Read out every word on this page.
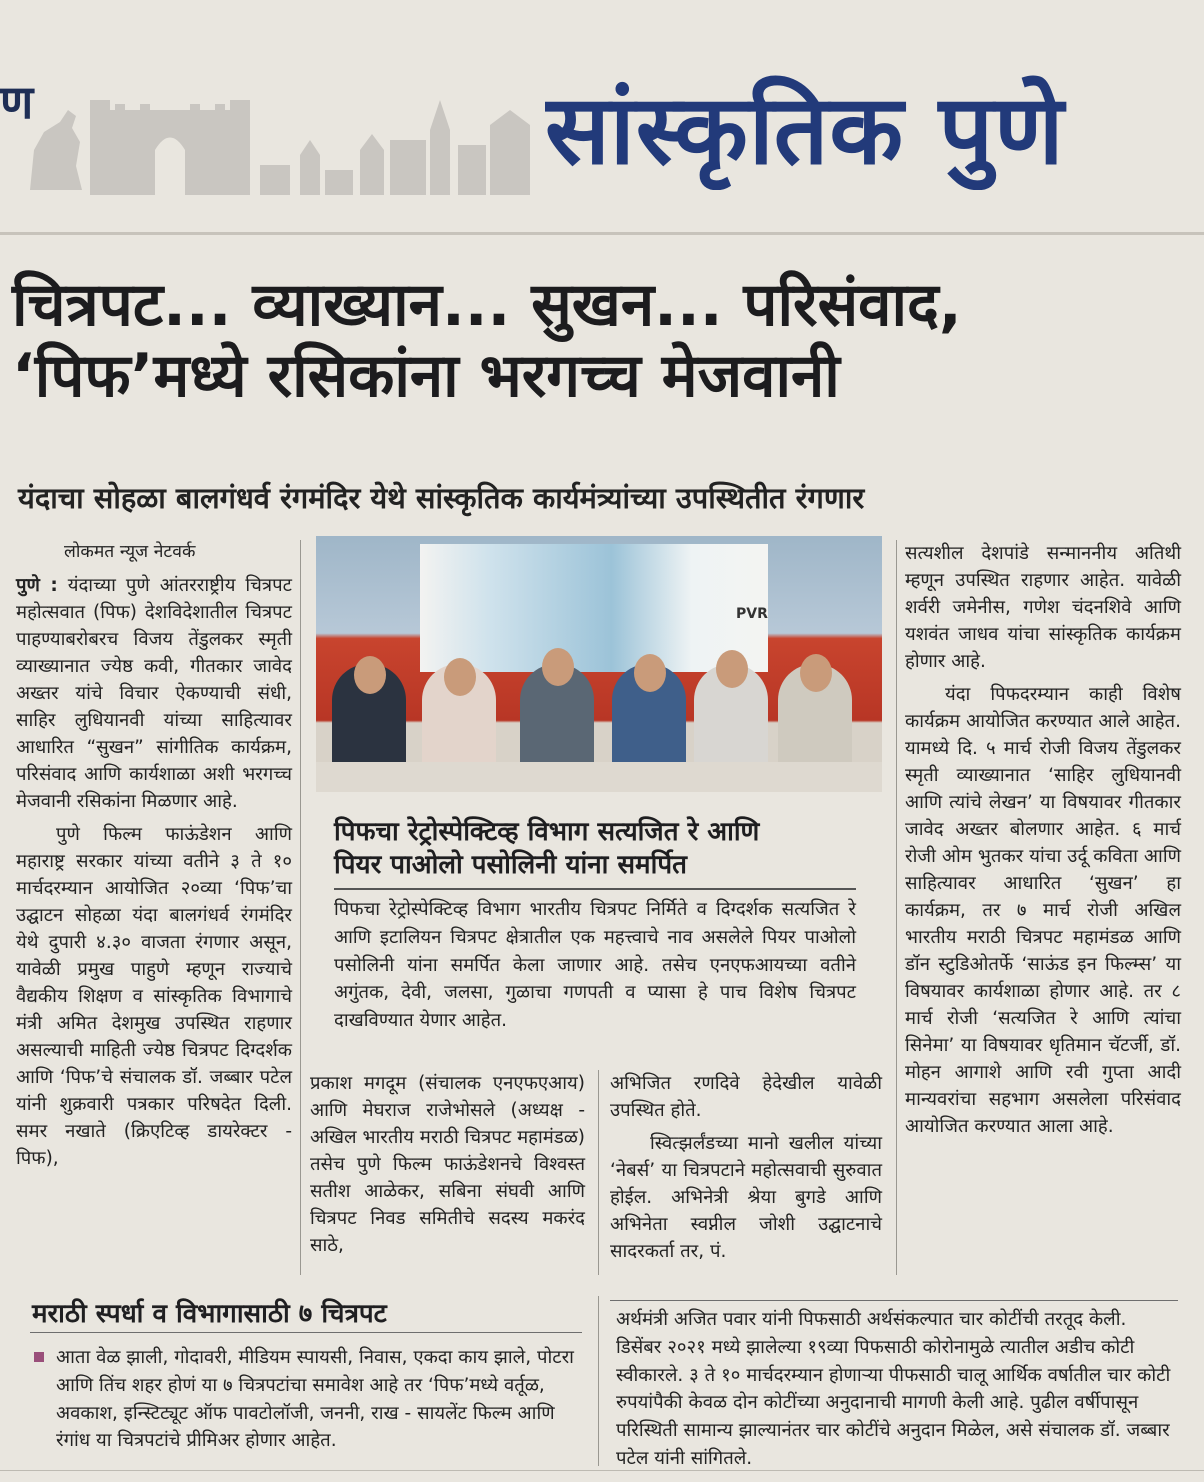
ण	सांस्कृतिक पुणे
चित्रपट... व्याख्यान... सुखन... परिसंवाद,
‘पिफ’मध्ये रसिकांना भरगच्च मेजवानी
यंदाचा सोहळा बालगंधर्व रंगमंदिर येथे सांस्कृतिक कार्यमंत्र्यांच्या उपस्थितीत रंगणार

लोकमत न्यूज नेटवर्क

पुणे : यंदाच्या पुणे आंतरराष्ट्रीय चित्रपट महोत्सवात (पिफ) देशविदेशातील चित्रपट पाहण्याबरोबरच विजय तेंडुलकर स्मृती व्याख्यानात ज्येष्ठ कवी, गीतकार जावेद अख्तर यांचे विचार ऐकण्याची संधी, साहिर लुधियानवी यांच्या साहित्यावर आधारित “सुखन” सांगीतिक कार्यक्रम, परिसंवाद आणि कार्यशाळा अशी भरगच्च मेजवानी रसिकांना मिळणार आहे.

पुणे फिल्म फाऊंडेशन आणि महाराष्ट्र सरकार यांच्या वतीने ३ ते १० मार्चदरम्यान आयोजित २०व्या ‘पिफ’चा उद्घाटन सोहळा यंदा बालगंधर्व रंगमंदिर येथे दुपारी ४.३० वाजता रंगणार असून, यावेळी प्रमुख पाहुणे म्हणून राज्याचे वैद्यकीय शिक्षण व सांस्कृतिक विभागाचे मंत्री अमित देशमुख उपस्थित राहणार असल्याची माहिती ज्येष्ठ चित्रपट दिग्दर्शक आणि ‘पिफ’चे संचालक डॉ. जब्बार पटेल यांनी शुक्रवारी पत्रकार परिषदेत दिली. समर नखाते (क्रिएटिव्ह डायरेक्टर - पिफ),

PVR
पिफचा रेट्रोस्पेक्टिव्ह विभाग सत्यजित रे आणि
पियर पाओलो पसोलिनी यांना समर्पित
पिफचा रेट्रोस्पेक्टिव्ह विभाग भारतीय चित्रपट निर्मिते व दिग्दर्शक सत्यजित रे आणि इटालियन चित्रपट क्षेत्रातील एक महत्त्वाचे नाव असलेले पियर पाओलो पसोलिनी यांना समर्पित केला जाणार आहे. तसेच एनएफआयच्या वतीने अगुंतक, देवी, जलसा, गुळाचा गणपती व प्यासा हे पाच विशेष चित्रपट दाखविण्यात येणार आहेत.

प्रकाश मगदूम (संचालक एनएफएआय) आणि मेघराज राजेभोसले (अध्यक्ष - अखिल भारतीय मराठी चित्रपट महामंडळ) तसेच पुणे फिल्म फाऊंडेशनचे विश्वस्त सतीश आळेकर, सबिना संघवी आणि चित्रपट निवड समितीचे सदस्य मकरंद साठे,

अभिजित रणदिवे हेदेखील यावेळी उपस्थित होते.

स्वित्झर्लंडच्या मानो खलील यांच्या ‘नेबर्स’ या चित्रपटाने महोत्सवाची सुरुवात होईल. अभिनेत्री श्रेया बुगडे आणि अभिनेता स्वप्नील जोशी उद्घाटनाचे सादरकर्ता तर, पं.

सत्यशील देशपांडे सन्माननीय अतिथी म्हणून उपस्थित राहणार आहेत. यावेळी शर्वरी जमेनीस, गणेश चंदनशिवे आणि यशवंत जाधव यांचा सांस्कृतिक कार्यक्रम होणार आहे.

यंदा पिफदरम्यान काही विशेष कार्यक्रम आयोजित करण्यात आले आहेत. यामध्ये दि. ५ मार्च रोजी विजय तेंडुलकर स्मृती व्याख्यानात ‘साहिर लुधियानवी आणि त्यांचे लेखन’ या विषयावर गीतकार जावेद अख्तर बोलणार आहेत. ६ मार्च रोजी ओम भुतकर यांचा उर्दू कविता आणि साहित्यावर आधारित ‘सुखन’ हा कार्यक्रम, तर ७ मार्च रोजी अखिल भारतीय मराठी चित्रपट महामंडळ आणि डॉन स्टुडिओतर्फे ‘साऊंड इन फिल्म्स’ या विषयावर कार्यशाळा होणार आहे. तर ८ मार्च रोजी ‘सत्यजित रे आणि त्यांचा सिनेमा’ या विषयावर धृतिमान चॅटर्जी, डॉ. मोहन आगाशे आणि रवी गुप्ता आदी मान्यवरांचा सहभाग असलेला परिसंवाद आयोजित करण्यात आला आहे.

मराठी स्पर्धा व विभागासाठी ७ चित्रपट
आता वेळ झाली, गोदावरी, मीडियम स्पायसी, निवास, एकदा काय झाले, पोटरा आणि तिंच शहर होणं या ७ चित्रपटांचा समावेश आहे तर ‘पिफ’मध्ये वर्तूळ, अवकाश, इन्स्टिट्यूट ऑफ पावटोलॉजी, जननी, राख - सायलेंट फिल्म आणि रंगांध या चित्रपटांचे प्रीमिअर होणार आहेत.
अर्थमंत्री अजित पवार यांनी पिफसाठी अर्थसंकल्पात चार कोटींची तरतूद केली. डिसेंबर २०२१ मध्ये झालेल्या १९व्या पिफसाठी कोरोनामुळे त्यातील अडीच कोटी स्वीकारले. ३ ते १० मार्चदरम्यान होणाऱ्या पीफसाठी चालू आर्थिक वर्षातील चार कोटी रुपयांपैकी केवळ दोन कोटींच्या अनुदानाची मागणी केली आहे. पुढील वर्षीपासून परिस्थिती सामान्य झाल्यानंतर चार कोटींचे अनुदान मिळेल, असे संचालक डॉ. जब्बार पटेल यांनी सांगितले.
